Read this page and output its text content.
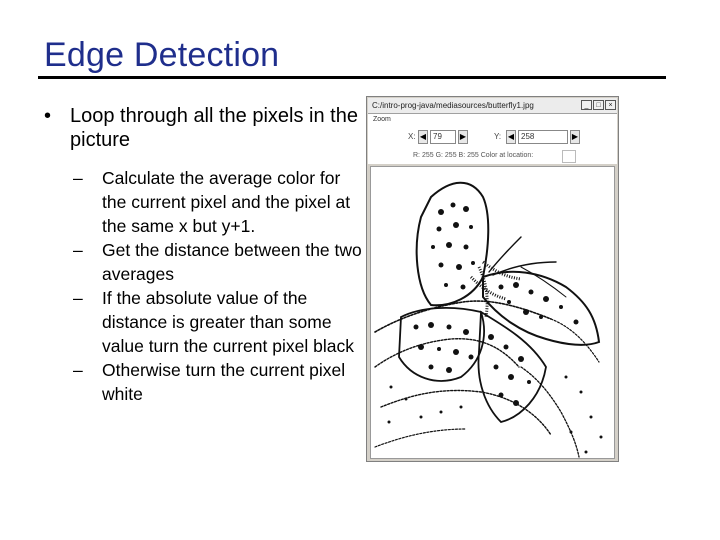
Edge Detection
• Loop through all the pixels in the picture
– Calculate the average color for the current pixel and the pixel at the same x but y+1.
– Get the distance between the two averages
– If the absolute value of the distance is greater than some value turn the current pixel black
– Otherwise turn the current pixel white
C:/intro-prog-java/mediasources/butterfly1.jpg	_	□	×
Zoom
X: ◀ 79	▶	Y: ◀ 258	▶
R: 255 G: 255 B: 255 Color at location:
